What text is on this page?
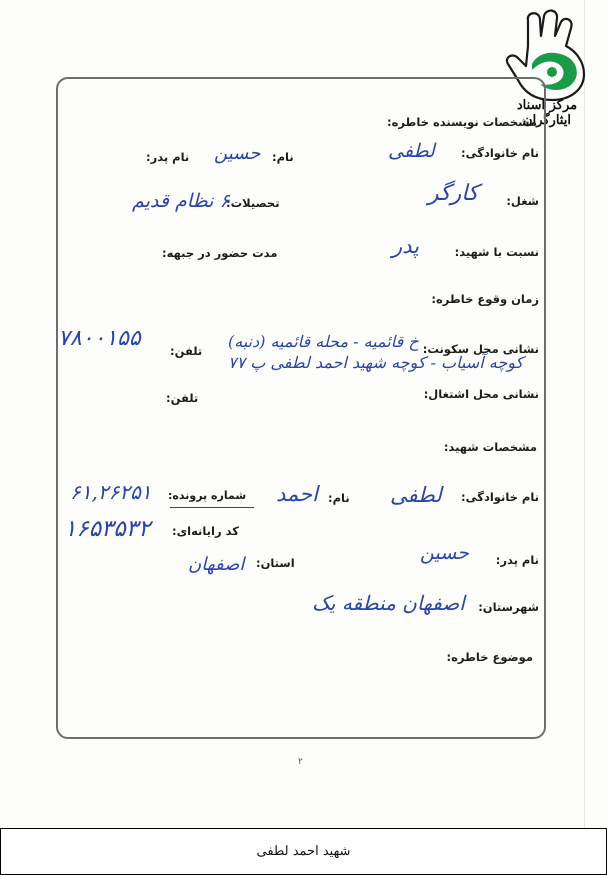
مرکز اسناد ایثارگران
مشخصات نویسنده خاطره:
نام خانوادگی:
لطفی
نام:
حسین
نام پدر:
شغل:
کارگر
تحصیلات:
۶ نظام قدیم
نسبت با شهید:
پدر
مدت حضور در جبهه:
زمان وقوع خاطره:
نشانی محل سکونت:
خ قائمیه - محله قائمیه (دنبه)
کوچه آسیاب - کوچه شهید احمد لطفی پ ۷۷
تلفن:
۷۸۰۰۱۵۵
نشانی محل اشتغال:
تلفن:
مشخصات شهید:
نام خانوادگی:
لطفی
نام:
احمد
شماره پرونده:
۶۱,۲۶۲۵۱
کد رایانه‌ای:
۱۶۵۳۵۳۲
نام پدر:
حسین
استان:
اصفهان
شهرستان:
اصفهان منطقه یک
موضوع خاطره:
۲
شهید احمد لطفی
